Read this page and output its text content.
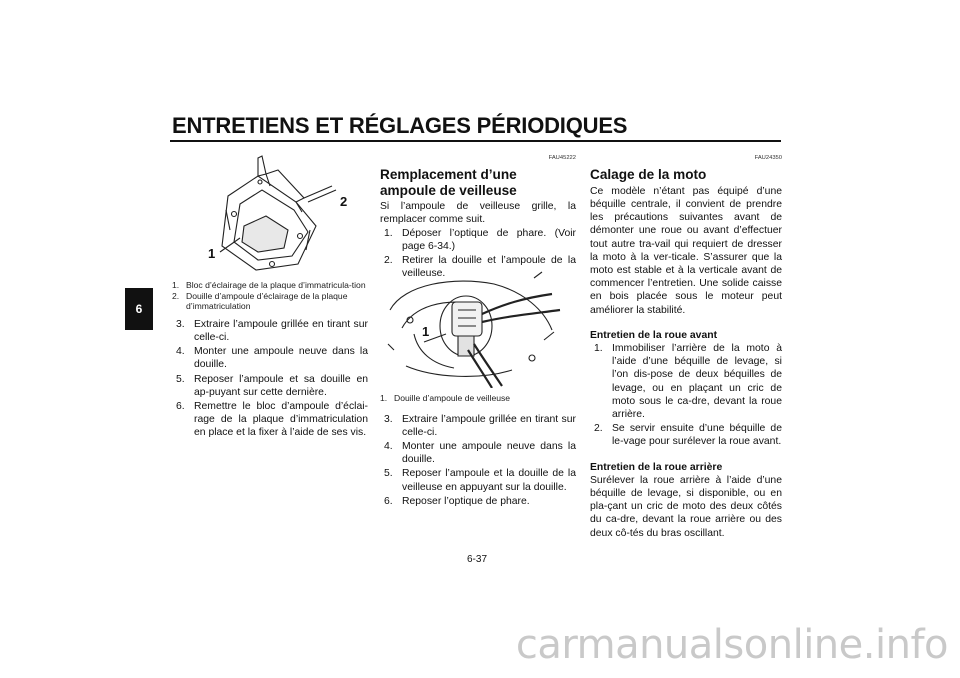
ENTRETIENS ET RÉGLAGES PÉRIODIQUES
6
2
1
1. Bloc d’éclairage de la plaque d’immatricula-tion
2. Douille d’ampoule d’éclairage de la plaque d’immatriculation
3. Extraire l’ampoule grillée en tirant sur celle-ci.
4. Monter une ampoule neuve dans la douille.
5. Reposer l’ampoule et sa douille en ap-puyant sur cette dernière.
6. Remettre le bloc d’ampoule d’éclai-rage de la plaque d’immatriculation en place et la fixer à l’aide de ses vis.
FAU45222
Remplacement d’une ampoule de veilleuse

Si l’ampoule de veilleuse grille, la remplacer comme suit.

1. Déposer l’optique de phare. (Voir page 6-34.)
2. Retirer la douille et l’ampoule de la veilleuse.
1
1. Douille d’ampoule de veilleuse
3. Extraire l’ampoule grillée en tirant sur celle-ci.
4. Monter une ampoule neuve dans la douille.
5. Reposer l’ampoule et la douille de la veilleuse en appuyant sur la douille.
6. Reposer l’optique de phare.
FAU24350
Calage de la moto

Ce modèle n’étant pas équipé d’une béquille centrale, il convient de prendre les précautions suivantes avant de démonter une roue ou avant d’effectuer tout autre tra-vail qui requiert de dresser la moto à la ver-ticale. S’assurer que la moto est stable et à la verticale avant de commencer l’entretien. Une solide caisse en bois placée sous le moteur peut améliorer la stabilité.

Entretien de la roue avant
1. Immobiliser l’arrière de la moto à l’aide d’une béquille de levage, si l’on dis-pose de deux béquilles de levage, ou en plaçant un cric de moto sous le ca-dre, devant la roue arrière.
2. Se servir ensuite d’une béquille de le-vage pour surélever la roue avant.
Entretien de la roue arrière

Surélever la roue arrière à l’aide d’une béquille de levage, si disponible, ou en pla-çant un cric de moto des deux côtés du ca-dre, devant la roue arrière ou des deux cô-tés du bras oscillant.

6-37
carmanualsonline.info
